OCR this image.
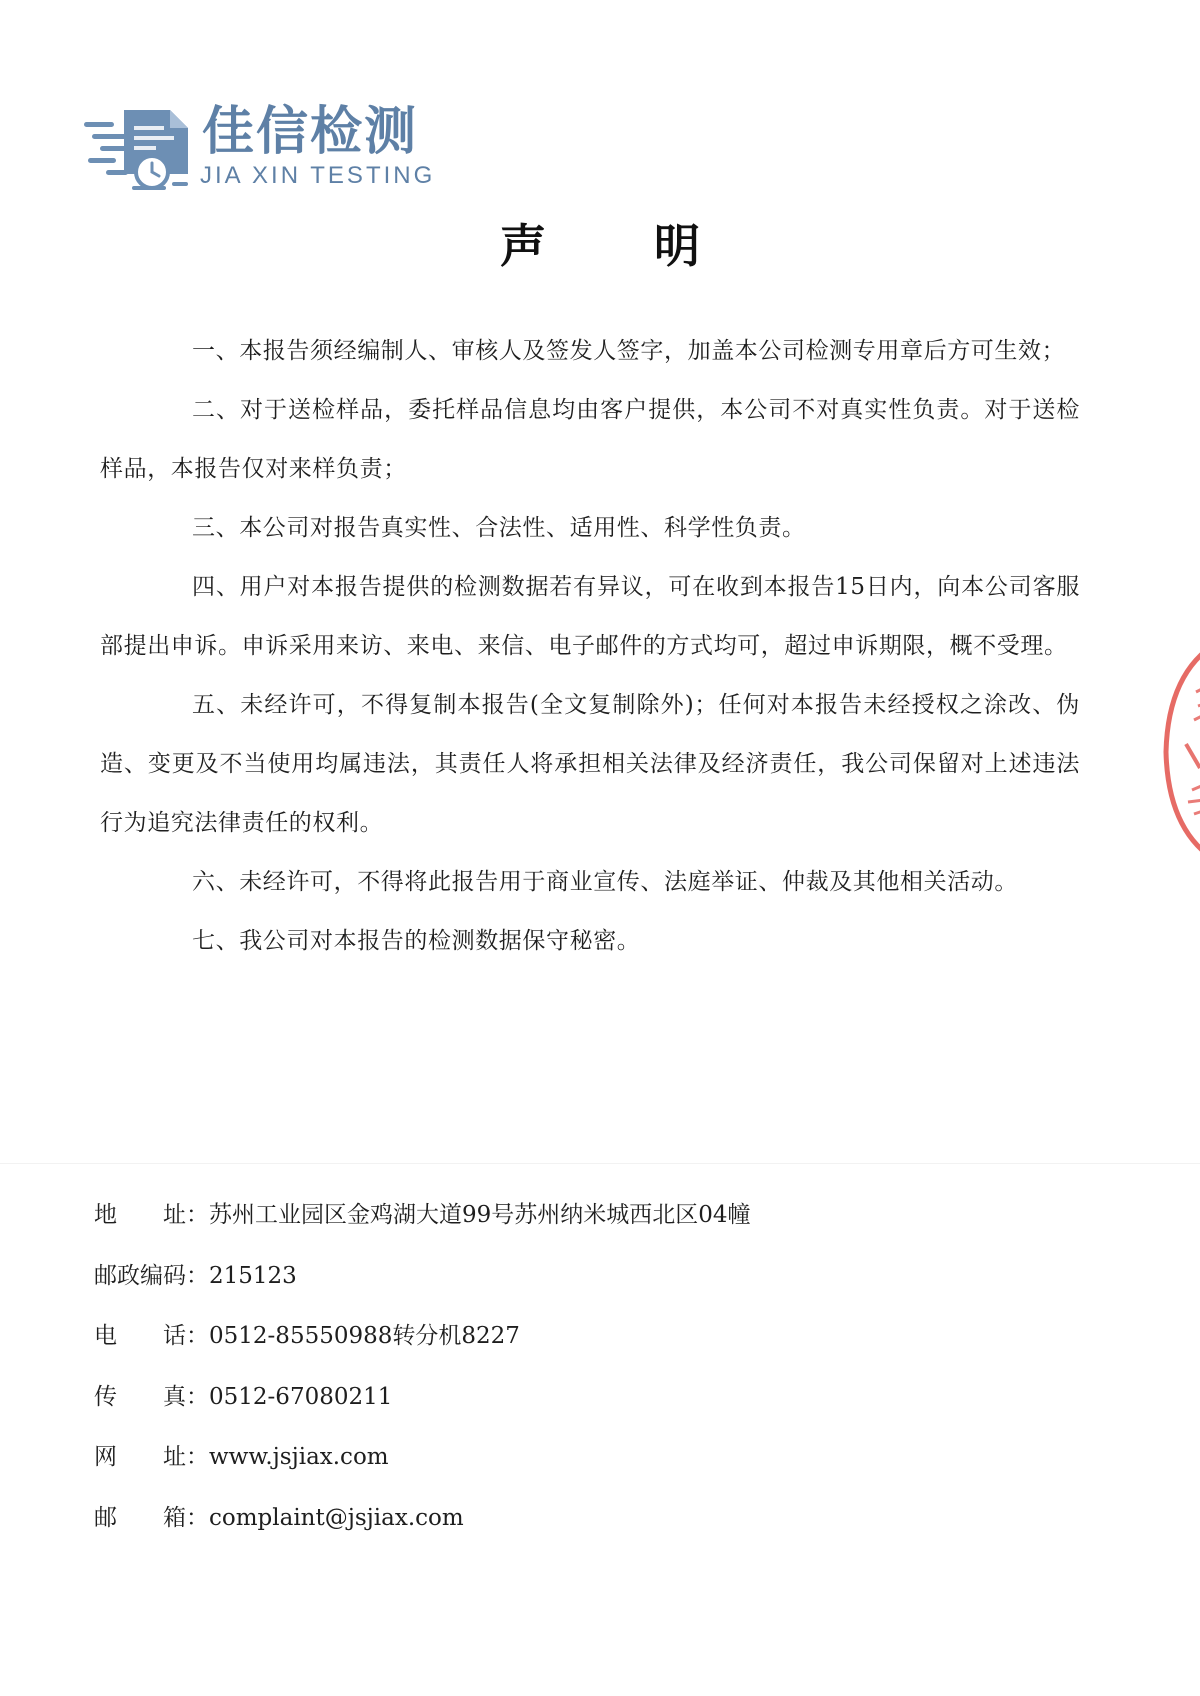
佳信检测
JIA XIN TESTING
声明

一、本报告须经编制人、审核人及签发人签字，加盖本公司检测专用章后方可生效；

二、对于送检样品，委托样品信息均由客户提供，本公司不对真实性负责。对于送检样品，本报告仅对来样负责；

三、本公司对报告真实性、合法性、适用性、科学性负责。

四、用户对本报告提供的检测数据若有异议，可在收到本报告15日内，向本公司客服部提出申诉。申诉采用来访、来电、来信、电子邮件的方式均可，超过申诉期限，概不受理。

五、未经许可，不得复制本报告(全文复制除外)；任何对本报告未经授权之涂改、伪造、变更及不当使用均属违法，其责任人将承担相关法律及经济责任，我公司保留对上述违法行为追究法律责任的权利。

六、未经许可，不得将此报告用于商业宣传、法庭举证、仲裁及其他相关活动。

七、我公司对本报告的检测数据保守秘密。

地　　址：苏州工业园区金鸡湖大道99号苏州纳米城西北区04幢
邮政编码：215123
电　　话：0512-85550988转分机8227
传　　真：0512-67080211
网　　址：www.jsjiax.com
邮　　箱：complaint@jsjiax.com
